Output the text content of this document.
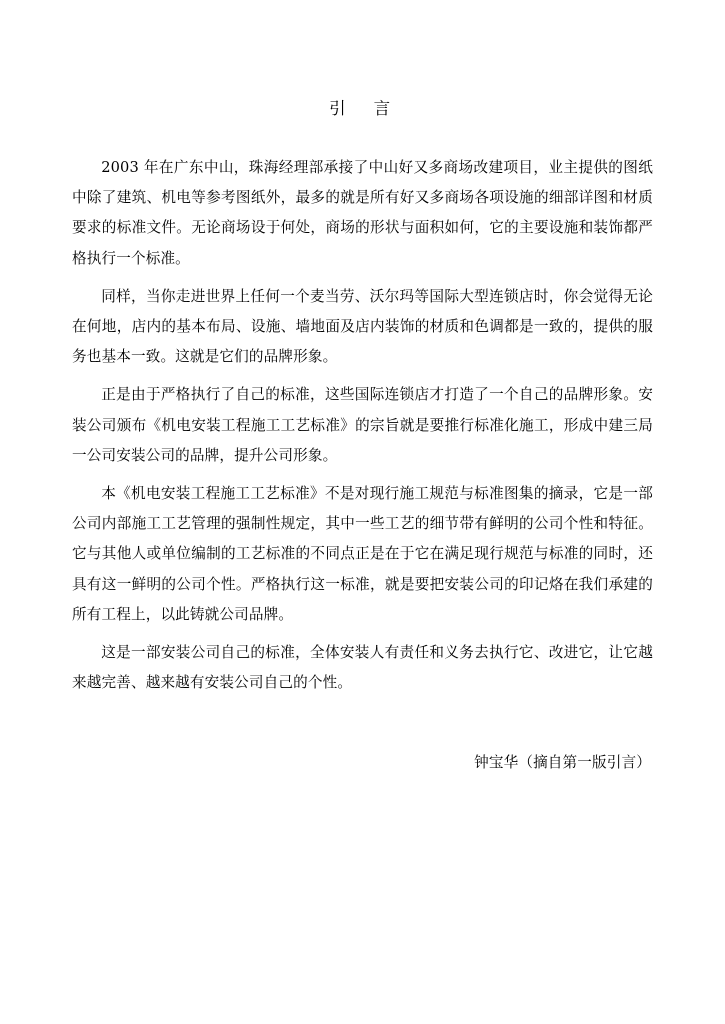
引　言

2003 年在广东中山，珠海经理部承接了中山好又多商场改建项目，业主提供的图纸中除了建筑、机电等参考图纸外，最多的就是所有好又多商场各项设施的细部详图和材质要求的标准文件。无论商场设于何处，商场的形状与面积如何，它的主要设施和装饰都严格执行一个标准。

同样，当你走进世界上任何一个麦当劳、沃尔玛等国际大型连锁店时，你会觉得无论在何地，店内的基本布局、设施、墙地面及店内装饰的材质和色调都是一致的，提供的服务也基本一致。这就是它们的品牌形象。

正是由于严格执行了自己的标准，这些国际连锁店才打造了一个自己的品牌形象。安装公司颁布《机电安装工程施工工艺标准》的宗旨就是要推行标准化施工，形成中建三局一公司安装公司的品牌，提升公司形象。

本《机电安装工程施工工艺标准》不是对现行施工规范与标准图集的摘录，它是一部公司内部施工工艺管理的强制性规定，其中一些工艺的细节带有鲜明的公司个性和特征。它与其他人或单位编制的工艺标准的不同点正是在于它在满足现行规范与标准的同时，还具有这一鲜明的公司个性。严格执行这一标准，就是要把安装公司的印记烙在我们承建的所有工程上，以此铸就公司品牌。

这是一部安装公司自己的标准，全体安装人有责任和义务去执行它、改进它，让它越来越完善、越来越有安装公司自己的个性。

钟宝华（摘自第一版引言）
